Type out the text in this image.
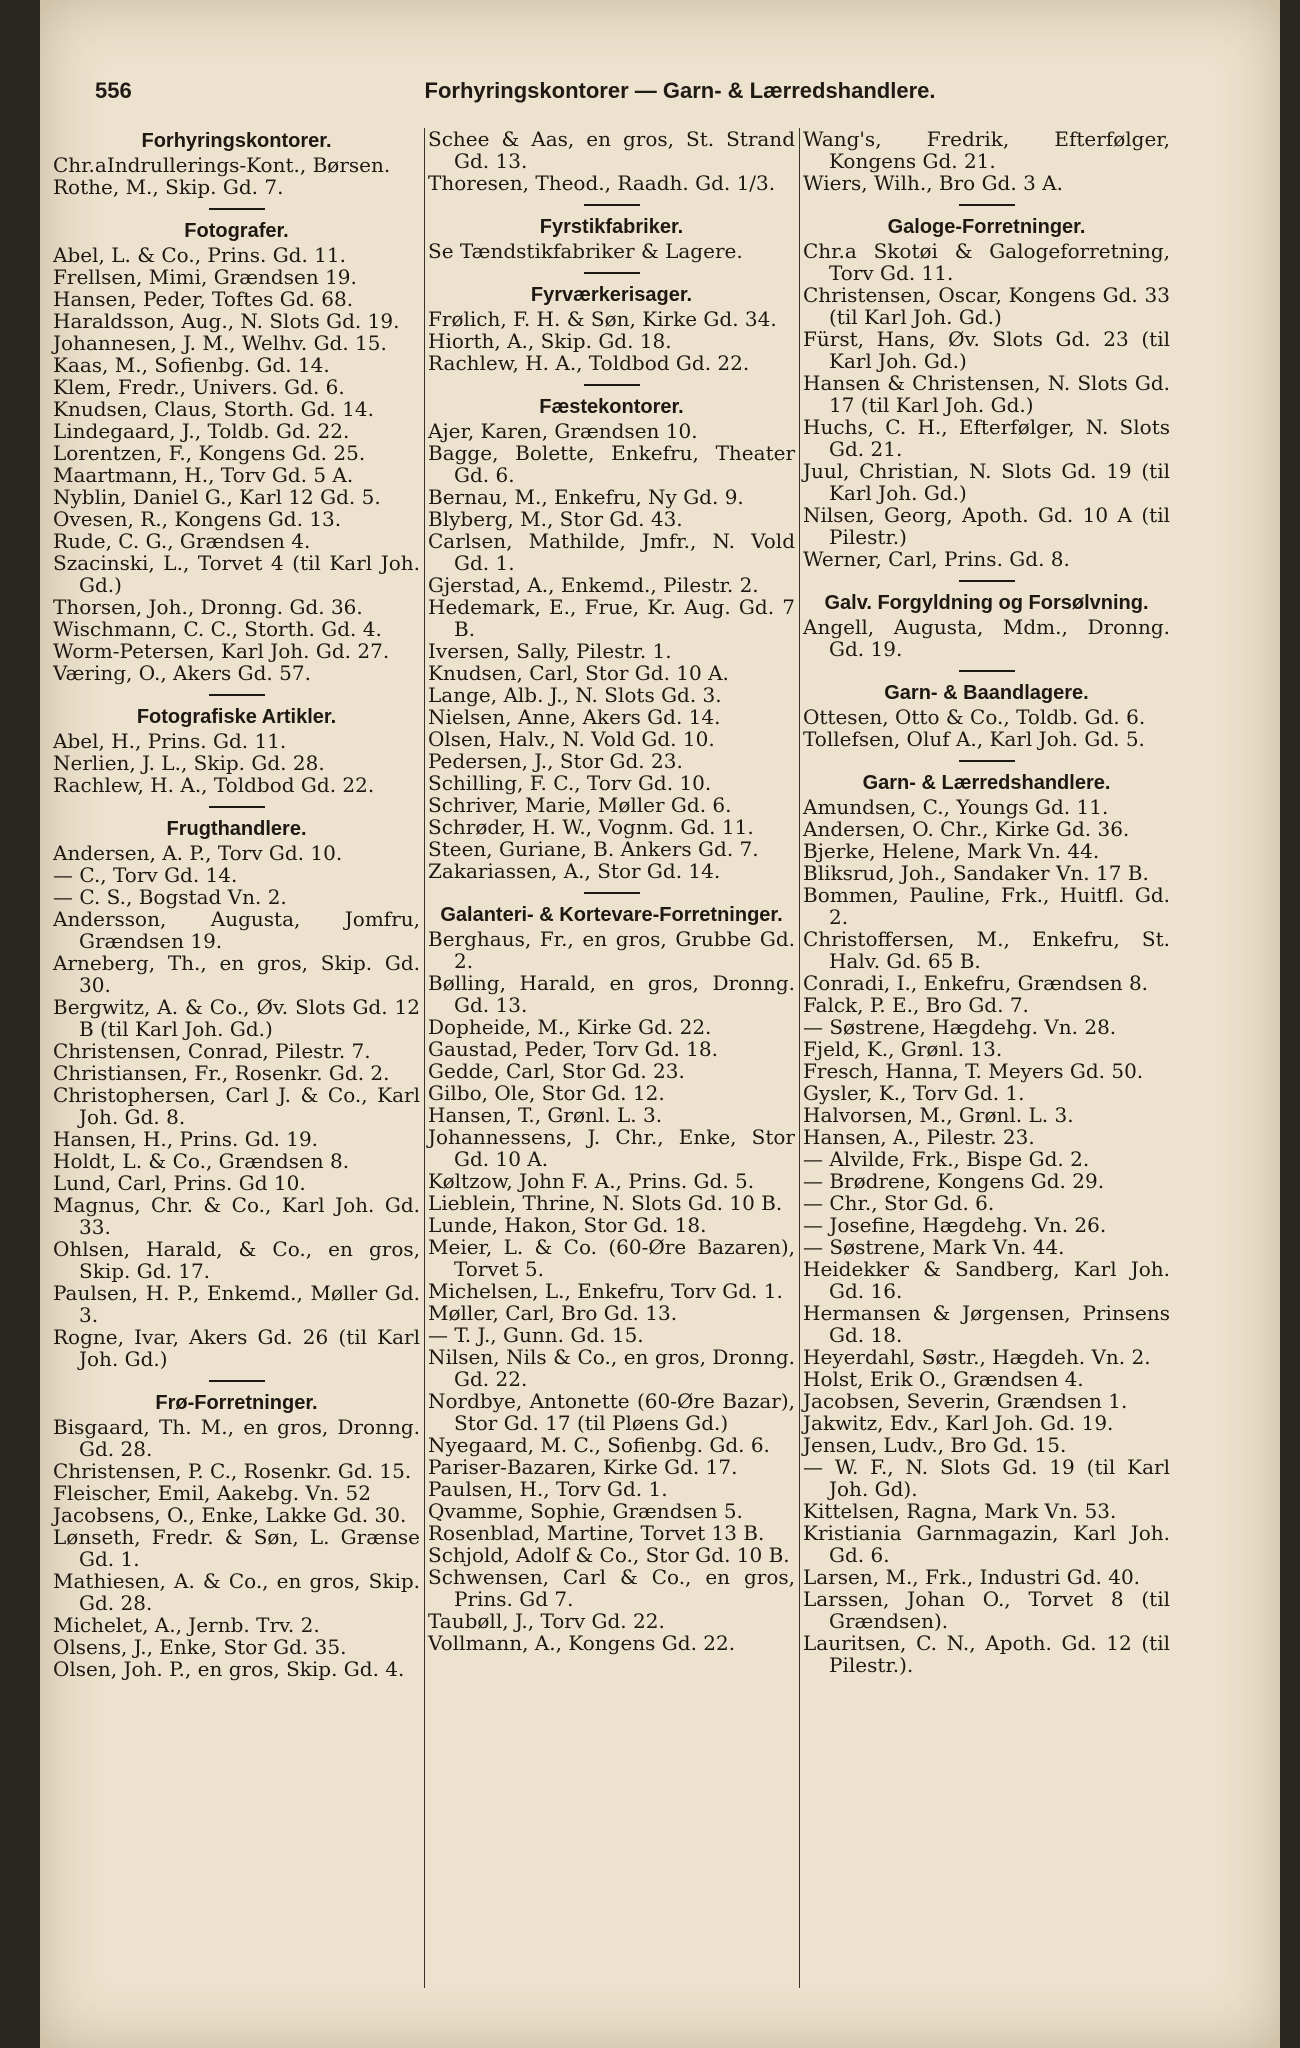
556	Forhyringskontorer — Garn- & Lærredshandlere.
Forhyringskontorer.
Chr.aIndrullerings-Kont., Børsen.
Rothe, M., Skip. Gd. 7.
Fotografer.
Abel, L. & Co., Prins. Gd. 11.
Frellsen, Mimi, Grændsen 19.
Hansen, Peder, Toftes Gd. 68.
Haraldsson, Aug., N. Slots Gd. 19.
Johannesen, J. M., Welhv. Gd. 15.
Kaas, M., Sofienbg. Gd. 14.
Klem, Fredr., Univers. Gd. 6.
Knudsen, Claus, Storth. Gd. 14.
Lindegaard, J., Toldb. Gd. 22.
Lorentzen, F., Kongens Gd. 25.
Maartmann, H., Torv Gd. 5 A.
Nyblin, Daniel G., Karl 12 Gd. 5.
Ovesen, R., Kongens Gd. 13.
Rude, C. G., Grændsen 4.
Szacinski, L., Torvet 4 (til Karl Joh. Gd.)
Thorsen, Joh., Dronng. Gd. 36.
Wischmann, C. C., Storth. Gd. 4.
Worm-Petersen, Karl Joh. Gd. 27.
Væring, O., Akers Gd. 57.
Fotografiske Artikler.
Abel, H., Prins. Gd. 11.
Nerlien, J. L., Skip. Gd. 28.
Rachlew, H. A., Toldbod Gd. 22.
Frugthandlere.
Andersen, A. P., Torv Gd. 10.
— C., Torv Gd. 14.
— C. S., Bogstad Vn. 2.
Andersson, Augusta, Jomfru, Grændsen 19.
Arneberg, Th., en gros, Skip. Gd. 30.
Bergwitz, A. & Co., Øv. Slots Gd. 12 B (til Karl Joh. Gd.)
Christensen, Conrad, Pilestr. 7.
Christiansen, Fr., Rosenkr. Gd. 2.
Christophersen, Carl J. & Co., Karl Joh. Gd. 8.
Hansen, H., Prins. Gd. 19.
Holdt, L. & Co., Grændsen 8.
Lund, Carl, Prins. Gd 10.
Magnus, Chr. & Co., Karl Joh. Gd. 33.
Ohlsen, Harald, & Co., en gros, Skip. Gd. 17.
Paulsen, H. P., Enkemd., Møller Gd. 3.
Rogne, Ivar, Akers Gd. 26 (til Karl Joh. Gd.)
Frø-Forretninger.
Bisgaard, Th. M., en gros, Dronng. Gd. 28.
Christensen, P. C., Rosenkr. Gd. 15.
Fleischer, Emil, Aakebg. Vn. 52
Jacobsens, O., Enke, Lakke Gd. 30.
Lønseth, Fredr. & Søn, L. Grænse Gd. 1.
Mathiesen, A. & Co., en gros, Skip. Gd. 28.
Michelet, A., Jernb. Trv. 2.
Olsens, J., Enke, Stor Gd. 35.
Olsen, Joh. P., en gros, Skip. Gd. 4.
Schee & Aas, en gros, St. Strand Gd. 13.
Thoresen, Theod., Raadh. Gd. 1/3.
Fyrstikfabriker.
Se Tændstikfabriker & Lagere.
Fyrværkerisager.
Frølich, F. H. & Søn, Kirke Gd. 34.
Hiorth, A., Skip. Gd. 18.
Rachlew, H. A., Toldbod Gd. 22.
Fæstekontorer.
Ajer, Karen, Grændsen 10.
Bagge, Bolette, Enkefru, Theater Gd. 6.
Bernau, M., Enkefru, Ny Gd. 9.
Blyberg, M., Stor Gd. 43.
Carlsen, Mathilde, Jmfr., N. Vold Gd. 1.
Gjerstad, A., Enkemd., Pilestr. 2.
Hedemark, E., Frue, Kr. Aug. Gd. 7 B.
Iversen, Sally, Pilestr. 1.
Knudsen, Carl, Stor Gd. 10 A.
Lange, Alb. J., N. Slots Gd. 3.
Nielsen, Anne, Akers Gd. 14.
Olsen, Halv., N. Vold Gd. 10.
Pedersen, J., Stor Gd. 23.
Schilling, F. C., Torv Gd. 10.
Schriver, Marie, Møller Gd. 6.
Schrøder, H. W., Vognm. Gd. 11.
Steen, Guriane, B. Ankers Gd. 7.
Zakariassen, A., Stor Gd. 14.
Galanteri- & Kortevare-Forretninger.
Berghaus, Fr., en gros, Grubbe Gd. 2.
Bølling, Harald, en gros, Dronng. Gd. 13.
Dopheide, M., Kirke Gd. 22.
Gaustad, Peder, Torv Gd. 18.
Gedde, Carl, Stor Gd. 23.
Gilbo, Ole, Stor Gd. 12.
Hansen, T., Grønl. L. 3.
Johannessens, J. Chr., Enke, Stor Gd. 10 A.
Køltzow, John F. A., Prins. Gd. 5.
Lieblein, Thrine, N. Slots Gd. 10 B.
Lunde, Hakon, Stor Gd. 18.
Meier, L. & Co. (60-Øre Bazaren), Torvet 5.
Michelsen, L., Enkefru, Torv Gd. 1.
Møller, Carl, Bro Gd. 13.
— T. J., Gunn. Gd. 15.
Nilsen, Nils & Co., en gros, Dronng. Gd. 22.
Nordbye, Antonette (60-Øre Bazar), Stor Gd. 17 (til Pløens Gd.)
Nyegaard, M. C., Sofienbg. Gd. 6.
Pariser-Bazaren, Kirke Gd. 17.
Paulsen, H., Torv Gd. 1.
Qvamme, Sophie, Grændsen 5.
Rosenblad, Martine, Torvet 13 B.
Schjold, Adolf & Co., Stor Gd. 10 B.
Schwensen, Carl & Co., en gros, Prins. Gd 7.
Taubøll, J., Torv Gd. 22.
Vollmann, A., Kongens Gd. 22.
Wang's, Fredrik, Efterfølger, Kongens Gd. 21.
Wiers, Wilh., Bro Gd. 3 A.
Galoge-Forretninger.
Chr.a Skotøi & Galogeforretning, Torv Gd. 11.
Christensen, Oscar, Kongens Gd. 33 (til Karl Joh. Gd.)
Fürst, Hans, Øv. Slots Gd. 23 (til Karl Joh. Gd.)
Hansen & Christensen, N. Slots Gd. 17 (til Karl Joh. Gd.)
Huchs, C. H., Efterfølger, N. Slots Gd. 21.
Juul, Christian, N. Slots Gd. 19 (til Karl Joh. Gd.)
Nilsen, Georg, Apoth. Gd. 10 A (til Pilestr.)
Werner, Carl, Prins. Gd. 8.
Galv. Forgyldning og Forsølvning.
Angell, Augusta, Mdm., Dronng. Gd. 19.
Garn- & Baandlagere.
Ottesen, Otto & Co., Toldb. Gd. 6.
Tollefsen, Oluf A., Karl Joh. Gd. 5.
Garn- & Lærredshandlere.
Amundsen, C., Youngs Gd. 11.
Andersen, O. Chr., Kirke Gd. 36.
Bjerke, Helene, Mark Vn. 44.
Bliksrud, Joh., Sandaker Vn. 17 B.
Bommen, Pauline, Frk., Huitfl. Gd. 2.
Christoffersen, M., Enkefru, St. Halv. Gd. 65 B.
Conradi, I., Enkefru, Grændsen 8.
Falck, P. E., Bro Gd. 7.
— Søstrene, Hægdehg. Vn. 28.
Fjeld, K., Grønl. 13.
Fresch, Hanna, T. Meyers Gd. 50.
Gysler, K., Torv Gd. 1.
Halvorsen, M., Grønl. L. 3.
Hansen, A., Pilestr. 23.
— Alvilde, Frk., Bispe Gd. 2.
— Brødrene, Kongens Gd. 29.
— Chr., Stor Gd. 6.
— Josefine, Hægdehg. Vn. 26.
— Søstrene, Mark Vn. 44.
Heidekker & Sandberg, Karl Joh. Gd. 16.
Hermansen & Jørgensen, Prinsens Gd. 18.
Heyerdahl, Søstr., Hægdeh. Vn. 2.
Holst, Erik O., Grændsen 4.
Jacobsen, Severin, Grændsen 1.
Jakwitz, Edv., Karl Joh. Gd. 19.
Jensen, Ludv., Bro Gd. 15.
— W. F., N. Slots Gd. 19 (til Karl Joh. Gd).
Kittelsen, Ragna, Mark Vn. 53.
Kristiania Garnmagazin, Karl Joh. Gd. 6.
Larsen, M., Frk., Industri Gd. 40.
Larssen, Johan O., Torvet 8 (til Grændsen).
Lauritsen, C. N., Apoth. Gd. 12 (til Pilestr.).
